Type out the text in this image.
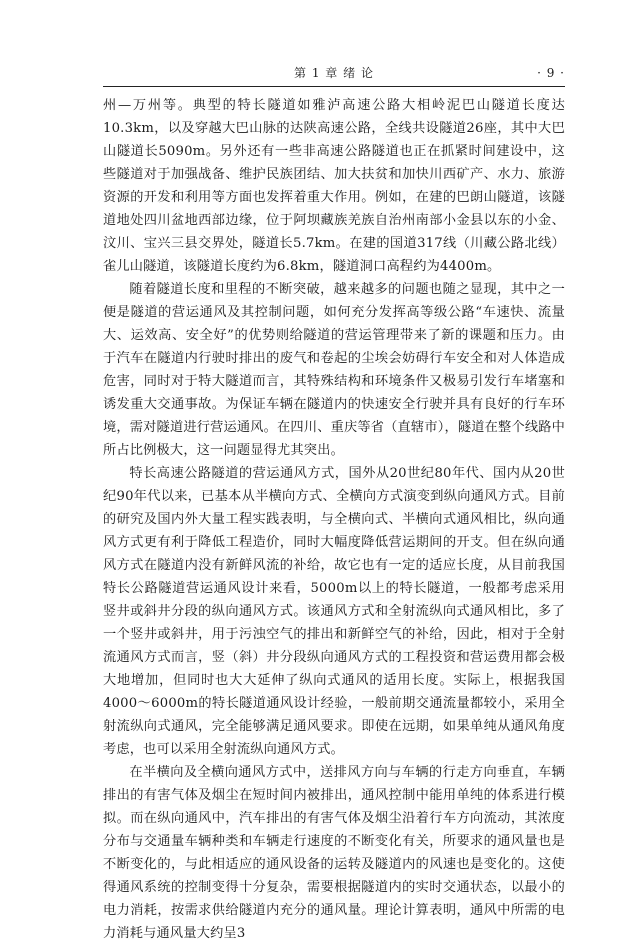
第 1 章 绪 论	· 9 ·

州—万州等。典型的特长隧道如雅泸高速公路大相岭泥巴山隧道长度达10.3km，以及穿越大巴山脉的达陕高速公路，全线共设隧道26座，其中大巴山隧道长5090m。另外还有一些非高速公路隧道也正在抓紧时间建设中，这些隧道对于加强战备、维护民族团结、加大扶贫和加快川西矿产、水力、旅游资源的开发和利用等方面也发挥着重大作用。例如，在建的巴朗山隧道，该隧道地处四川盆地西部边缘，位于阿坝藏族羌族自治州南部小金县以东的小金、汶川、宝兴三县交界处，隧道长5.7km。在建的国道317线（川藏公路北线）雀儿山隧道，该隧道长度约为6.8km，隧道洞口高程约为4400m。

随着隧道长度和里程的不断突破，越来越多的问题也随之显现，其中之一便是隧道的营运通风及其控制问题，如何充分发挥高等级公路“车速快、流量大、运效高、安全好”的优势则给隧道的营运管理带来了新的课题和压力。由于汽车在隧道内行驶时排出的废气和卷起的尘埃会妨碍行车安全和对人体造成危害，同时对于特大隧道而言，其特殊结构和环境条件又极易引发行车堵塞和诱发重大交通事故。为保证车辆在隧道内的快速安全行驶并具有良好的行车环境，需对隧道进行营运通风。在四川、重庆等省（直辖市），隧道在整个线路中所占比例极大，这一问题显得尤其突出。

特长高速公路隧道的营运通风方式，国外从20世纪80年代、国内从20世纪90年代以来，已基本从半横向方式、全横向方式演变到纵向通风方式。目前的研究及国内外大量工程实践表明，与全横向式、半横向式通风相比，纵向通风方式更有利于降低工程造价，同时大幅度降低营运期间的开支。但在纵向通风方式在隧道内没有新鲜风流的补给，故它也有一定的适应长度，从目前我国特长公路隧道营运通风设计来看，5000m以上的特长隧道，一般都考虑采用竖井或斜井分段的纵向通风方式。该通风方式和全射流纵向式通风相比，多了一个竖井或斜井，用于污浊空气的排出和新鲜空气的补给，因此，相对于全射流通风方式而言，竖（斜）井分段纵向通风方式的工程投资和营运费用都会极大地增加，但同时也大大延伸了纵向式通风的适用长度。实际上，根据我国4000～6000m的特长隧道通风设计经验，一般前期交通流量都较小，采用全射流纵向式通风，完全能够满足通风要求。即使在远期，如果单纯从通风角度考虑，也可以采用全射流纵向通风方式。

在半横向及全横向通风方式中，送排风方向与车辆的行走方向垂直，车辆排出的有害气体及烟尘在短时间内被排出，通风控制中能用单纯的体系进行模拟。而在纵向通风中，汽车排出的有害气体及烟尘沿着行车方向流动，其浓度分布与交通量车辆种类和车辆走行速度的不断变化有关，所要求的通风量也是不断变化的，与此相适应的通风设备的运转及隧道内的风速也是变化的。这使得通风系统的控制变得十分复杂，需要根据隧道内的实时交通状态，以最小的电力消耗，按需求供给隧道内充分的通风量。理论计算表明，通风中所需的电力消耗与通风量大约呈3
